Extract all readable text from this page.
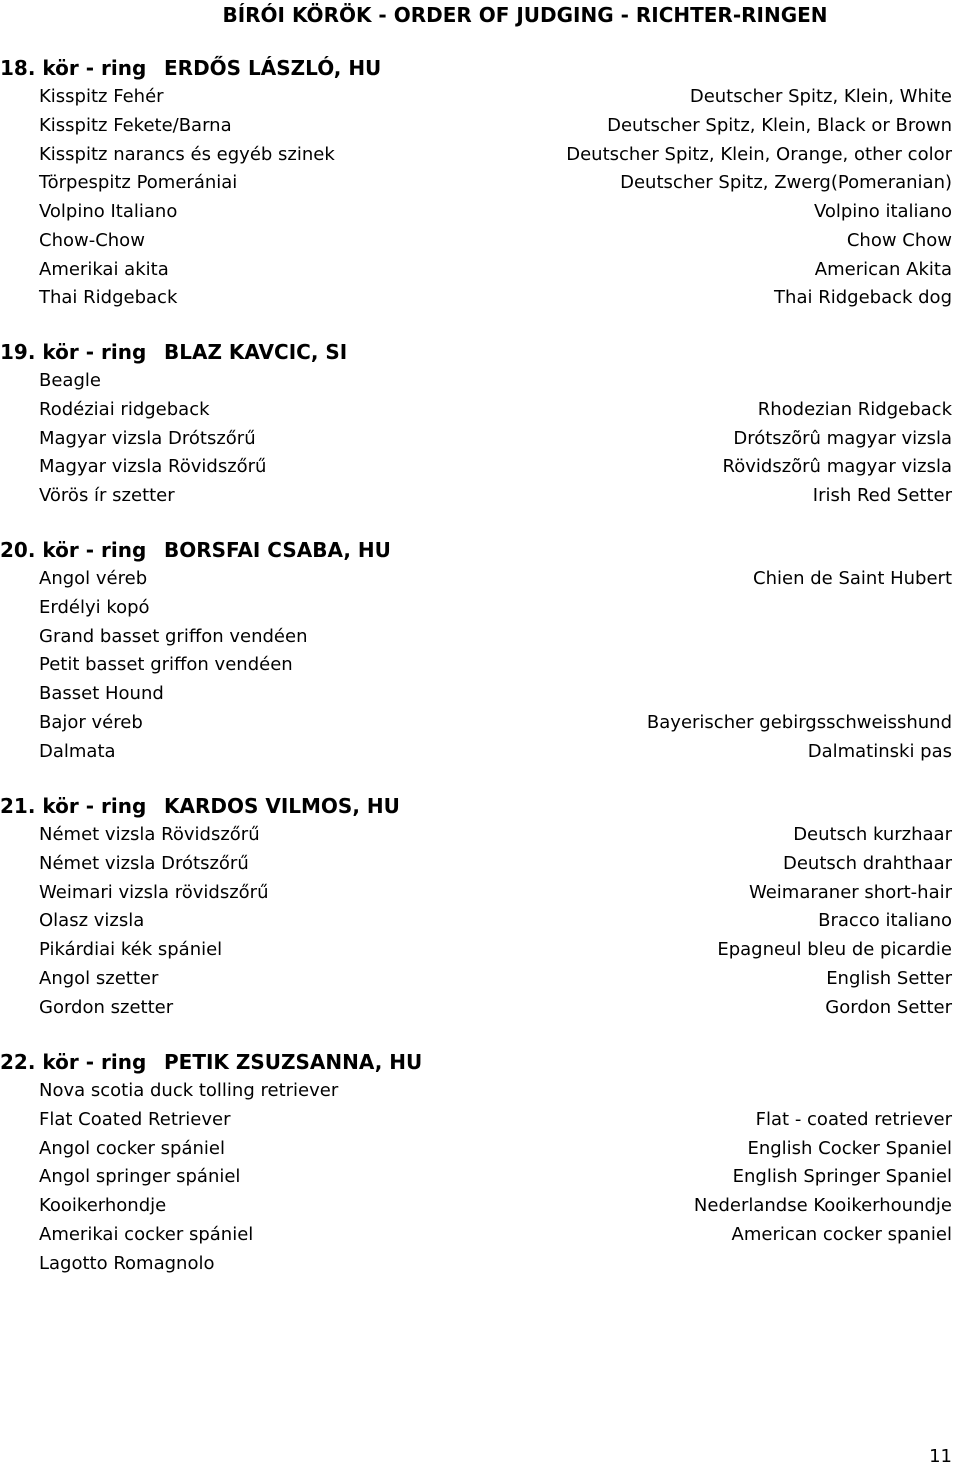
BÍRÓI KÖRÖK - ORDER OF JUDGING - RICHTER-RINGEN
18. kör - ring ERDŐS LÁSZLÓ, HU
Kisspitz Fehér	Deutscher Spitz, Klein, White
Kisspitz Fekete/Barna	Deutscher Spitz, Klein, Black or Brown
Kisspitz narancs és egyéb szinek	Deutscher Spitz, Klein, Orange, other color
Törpespitz Pomerániai	Deutscher Spitz, Zwerg(Pomeranian)
Volpino Italiano	Volpino italiano
Chow-Chow	Chow Chow
Amerikai akita	American Akita
Thai Ridgeback	Thai Ridgeback dog
19. kör - ring BLAZ KAVCIC, SI
Beagle
Rodéziai ridgeback	Rhodezian Ridgeback
Magyar vizsla Drótszőrű	Drótszõrû magyar vizsla
Magyar vizsla Rövidszőrű	Rövidszõrû magyar vizsla
Vörös ír szetter	Irish Red Setter
20. kör - ring BORSFAI CSABA, HU
Angol véreb	Chien de Saint Hubert
Erdélyi kopó
Grand basset griffon vendéen
Petit basset griffon vendéen
Basset Hound
Bajor véreb	Bayerischer gebirgsschweisshund
Dalmata	Dalmatinski pas
21. kör - ring KARDOS VILMOS, HU
Német vizsla Rövidszőrű	Deutsch kurzhaar
Német vizsla Drótszőrű	Deutsch drahthaar
Weimari vizsla rövidszőrű	Weimaraner short-hair
Olasz vizsla	Bracco italiano
Pikárdiai kék spániel	Epagneul bleu de picardie
Angol szetter	English Setter
Gordon szetter	Gordon Setter
22. kör - ring PETIK ZSUZSANNA, HU
Nova scotia duck tolling retriever
Flat Coated Retriever	Flat - coated retriever
Angol cocker spániel	English Cocker Spaniel
Angol springer spániel	English Springer Spaniel
Kooikerhondje	Nederlandse Kooikerhoundje
Amerikai cocker spániel	American cocker spaniel
Lagotto Romagnolo
11
